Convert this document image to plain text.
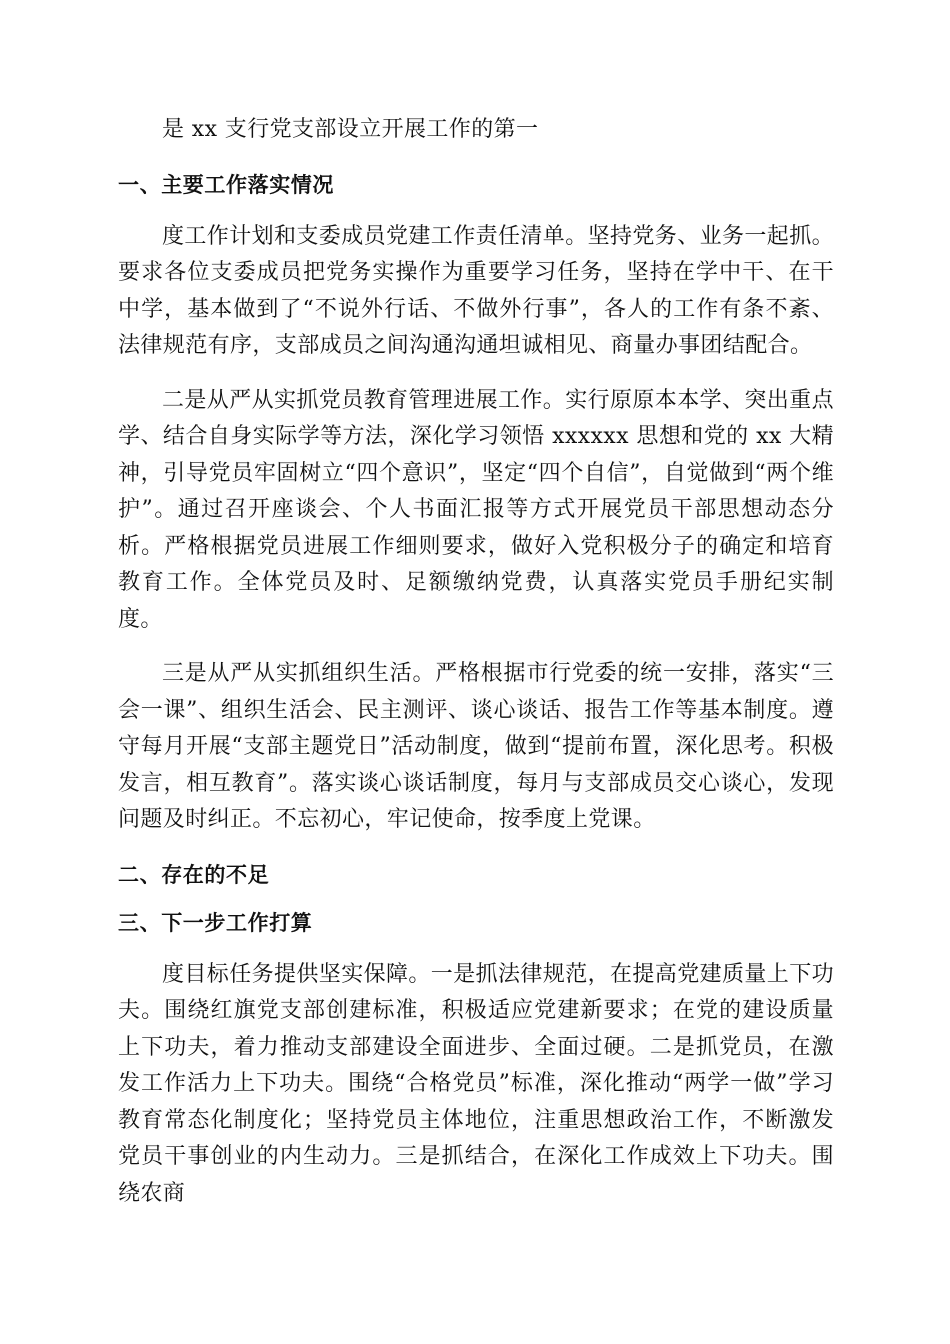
是 xx 支行党支部设立开展工作的第一

一、主要工作落实情况

度工作计划和支委成员党建工作责任清单。坚持党务、业务一起抓。要求各位支委成员把党务实操作为重要学习任务，坚持在学中干、在干中学，基本做到了“不说外行话、不做外行事”，各人的工作有条不紊、法律规范有序，支部成员之间沟通沟通坦诚相见、商量办事团结配合。

二是从严从实抓党员教育管理进展工作。实行原原本本学、突出重点学、结合自身实际学等方法，深化学习领悟 xxxxxx 思想和党的 xx 大精神，引导党员牢固树立“四个意识”，坚定“四个自信”，自觉做到“两个维护”。通过召开座谈会、个人书面汇报等方式开展党员干部思想动态分析。严格根据党员进展工作细则要求，做好入党积极分子的确定和培育教育工作。全体党员及时、足额缴纳党费，认真落实党员手册纪实制度。

三是从严从实抓组织生活。严格根据市行党委的统一安排，落实“三会一课”、组织生活会、民主测评、谈心谈话、报告工作等基本制度。遵守每月开展“支部主题党日”活动制度，做到“提前布置，深化思考。积极发言，相互教育”。落实谈心谈话制度，每月与支部成员交心谈心，发现问题及时纠正。不忘初心，牢记使命，按季度上党课。

二、存在的不足
三、下一步工作打算

度目标任务提供坚实保障。一是抓法律规范，在提高党建质量上下功夫。围绕红旗党支部创建标准，积极适应党建新要求；在党的建设质量上下功夫，着力推动支部建设全面进步、全面过硬。二是抓党员，在激发工作活力上下功夫。围绕“合格党员”标准，深化推动“两学一做”学习教育常态化制度化；坚持党员主体地位，注重思想政治工作，不断激发党员干事创业的内生动力。三是抓结合，在深化工作成效上下功夫。围绕农商
